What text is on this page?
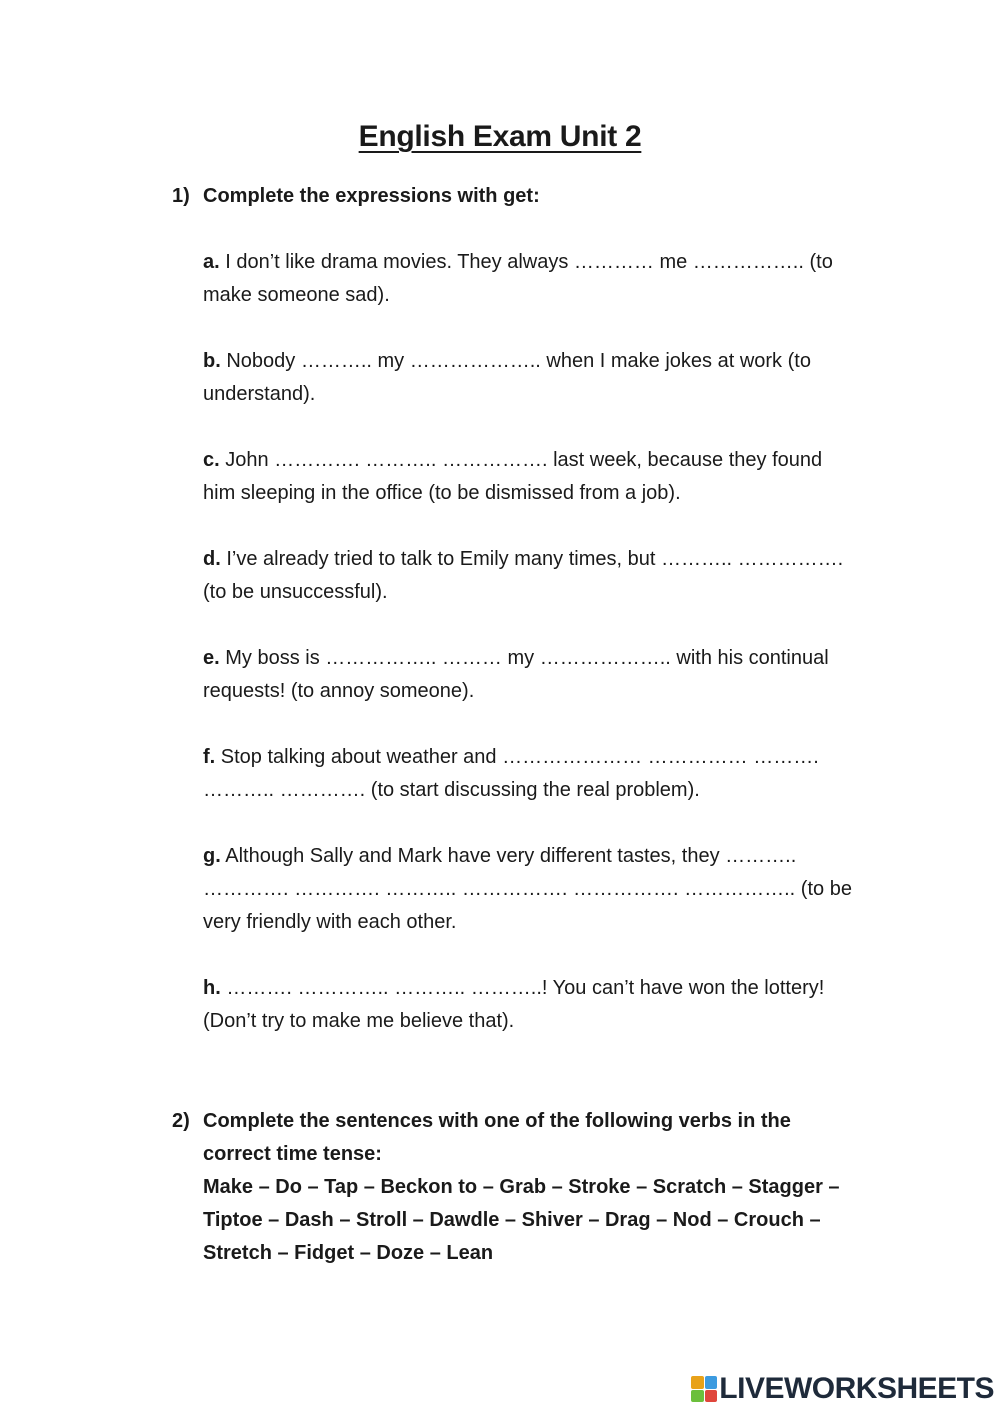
English Exam Unit 2
1) Complete the expressions with get:
a. I don’t like drama movies. They always ………… me …………….. (to make someone sad).
b. Nobody ……….. my ……………….. when I make jokes at work (to understand).
c. John …………. ……….. ……………. last week, because they found him sleeping in the office (to be dismissed from a job).
d. I’ve already tried to talk to Emily many times, but ……….. ……………. (to be unsuccessful).
e. My boss is …………….. ……… my ……………….. with his continual requests! (to annoy someone).
f. Stop talking about weather and ………………… …………… ………. ……….. …………. (to start discussing the real problem).
g. Although Sally and Mark have very different tastes, they ……….. …………. …………. ……….. ……………. ……………. …………….. (to be very friendly with each other.
h. ………. ………….. ……….. ………..! You can’t have won the lottery! (Don’t try to make me believe that).
2) Complete the sentences with one of the following verbs in the correct time tense:
Make – Do – Tap – Beckon to – Grab – Stroke – Scratch – Stagger – Tiptoe – Dash – Stroll – Dawdle – Shiver – Drag – Nod – Crouch – Stretch – Fidget – Doze – Lean
LIVEWORKSHEETS
